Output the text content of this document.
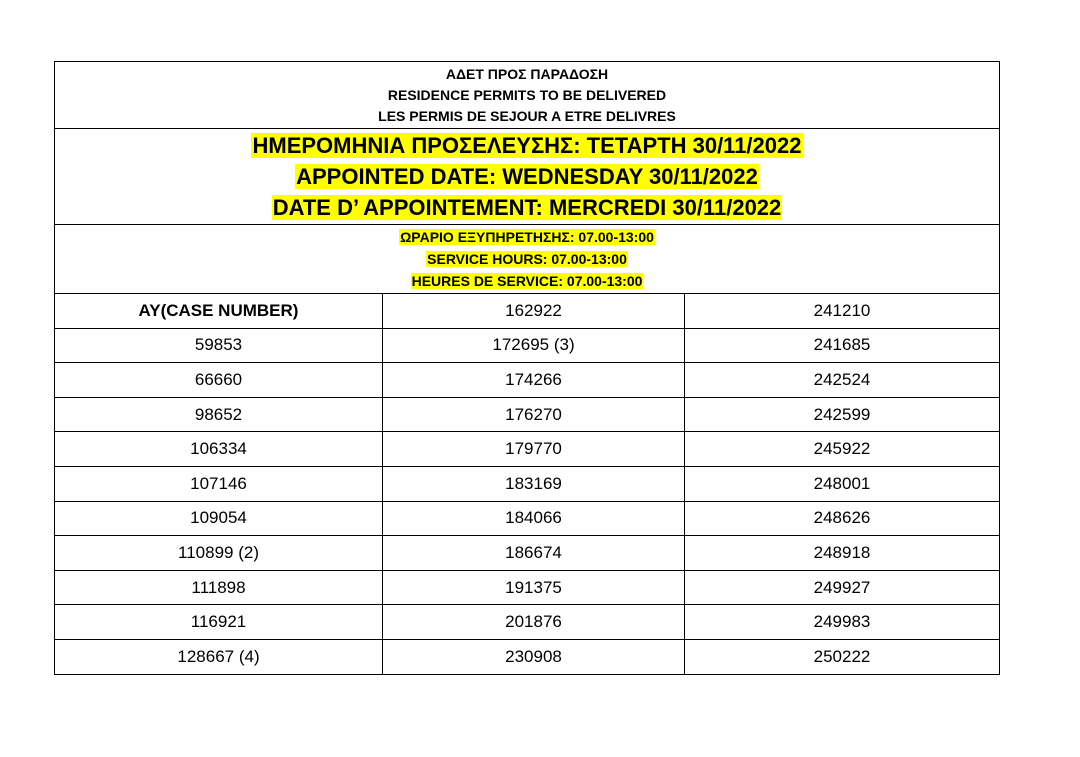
ΑΔΕΤ ΠΡΟΣ ΠΑΡΑΔΟΣΗ
RESIDENCE PERMITS TO BE DELIVERED
LES PERMIS DE SEJOUR A ETRE DELIVRES		

ΗΜΕΡΟΜΗΝΙΑ ΠΡΟΣΕΛΕΥΣΗΣ: ΤΕΤΑΡΤΗ 30/11/2022
APPOINTED DATE: WEDNESDAY 30/11/2022
DATE D’ APPOINTEMENT: MERCREDI 30/11/2022		

ΩΡΑΡΙΟ ΕΞΥΠΗΡΕΤΗΣΗΣ: 07.00-13:00
SERVICE HOURS: 07.00-13:00
HEURES DE SERVICE: 07.00-13:00		

AY(CASE NUMBER)	162922	241210
59853	172695 (3)	241685
66660	174266	242524
98652	176270	242599
106334	179770	245922
107146	183169	248001
109054	184066	248626
110899 (2)	186674	248918
111898	191375	249927
116921	201876	249983
128667 (4)	230908	250222
